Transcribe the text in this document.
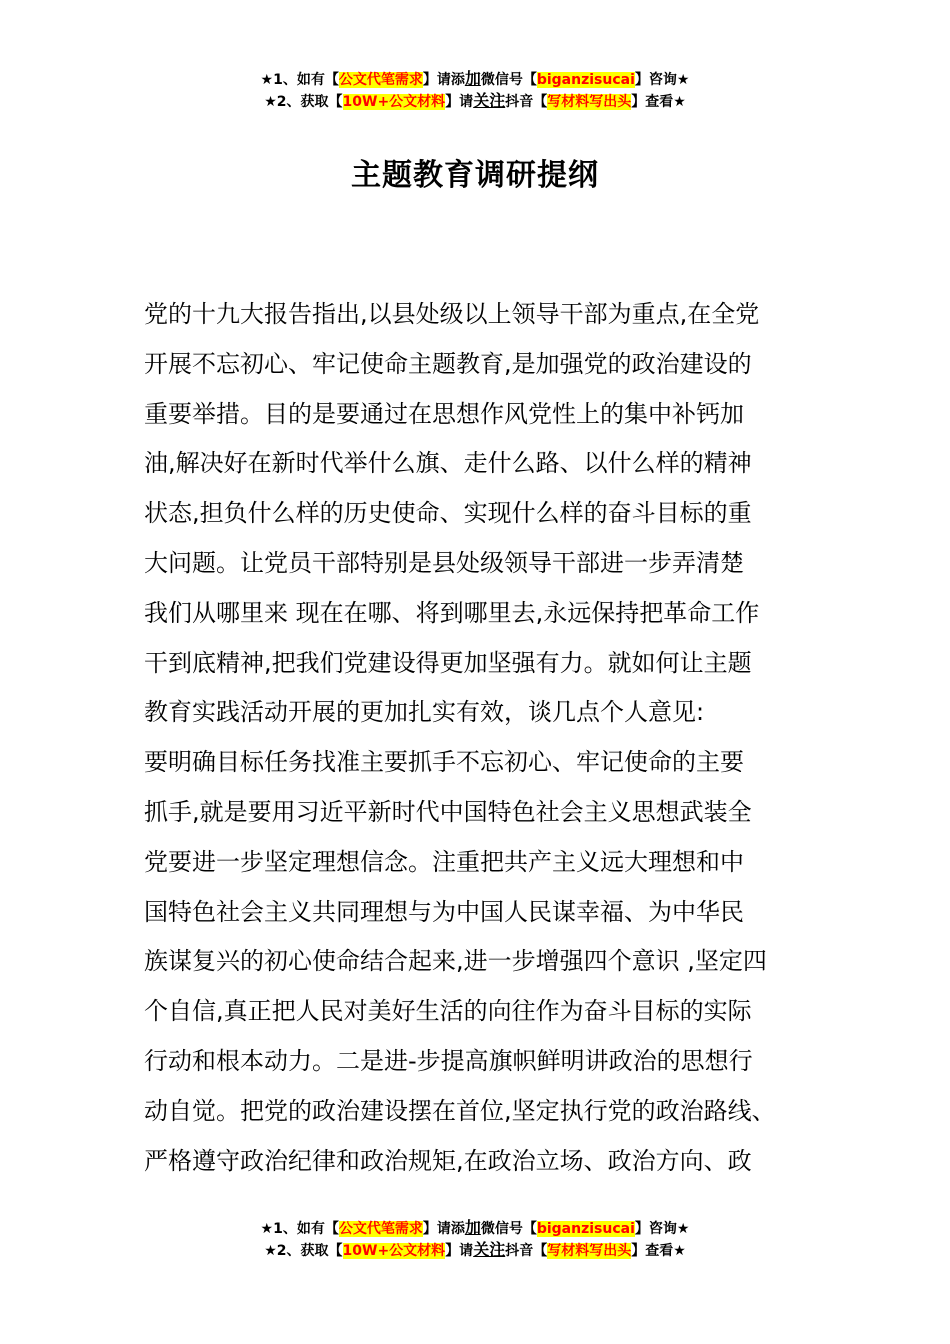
★1、如有【公文代笔需求】请添加微信号【biganzisucai】咨询★
★2、获取【10W+公文材料】请关注抖音【写材料写出头】查看★
主题教育调研提纲
党的十九大报告指出,以县处级以上领导干部为重点,在全党
开展不忘初心、牢记使命主题教育,是加强党的政治建设的
重要举措。目的是要通过在思想作风党性上的集中补钙加
油,解决好在新时代举什么旗、走什么路、以什么样的精神
状态,担负什么样的历史使命、实现什么样的奋斗目标的重
大问题。让党员干部特别是县处级领导干部进一步弄清楚
我们从哪里来 现在在哪、将到哪里去,永远保持把革命工作
干到底精神,把我们党建设得更加坚强有力。就如何让主题
教育实践活动开展的更加扎实有效，谈几点个人意见:
要明确目标任务找准主要抓手不忘初心、牢记使命的主要
抓手,就是要用习近平新时代中国特色社会主义思想武装全
党要进一步坚定理想信念。注重把共产主义远大理想和中
国特色社会主义共同理想与为中国人民谋幸福、为中华民
族谋复兴的初心使命结合起来,进一步增强四个意识 ,坚定四
个自信,真正把人民对美好生活的向往作为奋斗目标的实际
行动和根本动力。二是进-步提高旗帜鲜明讲政治的思想行
动自觉。把党的政治建设摆在首位,坚定执行党的政治路线、
严格遵守政治纪律和政治规矩,在政治立场、政治方向、政
★1、如有【公文代笔需求】请添加微信号【biganzisucai】咨询★
★2、获取【10W+公文材料】请关注抖音【写材料写出头】查看★
